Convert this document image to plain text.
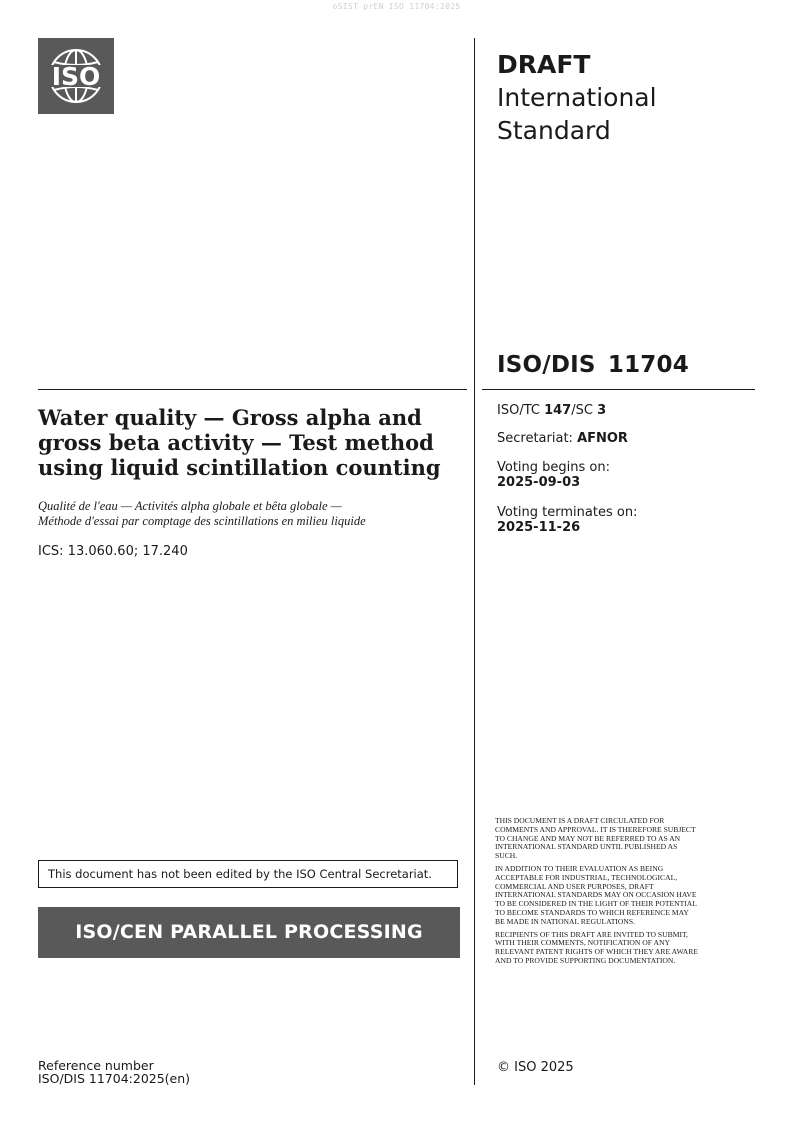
oSIST prEN ISO 11704:2025
ISO	DRAFT
International
Standard
ISO/DIS 11704
ISO/TC 147/SC 3
Secretariat: AFNOR
Voting begins on:
2025-09-03
Voting terminates on:
2025-11-26
Water quality — Gross alpha and gross beta activity — Test method using liquid scintillation counting
Qualité de l'eau — Activités alpha globale et bêta globale —
Méthode d'essai par comptage des scintillations en milieu liquide
ICS: 13.060.60; 17.240
This document has not been edited by the ISO Central Secretariat.
ISO/CEN PARALLEL PROCESSING
Reference number
ISO/DIS 11704:2025(en)

THIS DOCUMENT IS A DRAFT CIRCULATED FOR COMMENTS AND APPROVAL. IT IS THEREFORE SUBJECT TO CHANGE AND MAY NOT BE REFERRED TO AS AN INTERNATIONAL STANDARD UNTIL PUBLISHED AS SUCH.

IN ADDITION TO THEIR EVALUATION AS BEING ACCEPTABLE FOR INDUSTRIAL, TECHNOLOGICAL, COMMERCIAL AND USER PURPOSES, DRAFT INTERNATIONAL STANDARDS MAY ON OCCASION HAVE TO BE CONSIDERED IN THE LIGHT OF THEIR POTENTIAL TO BECOME STANDARDS TO WHICH REFERENCE MAY BE MADE IN NATIONAL REGULATIONS.

RECIPIENTS OF THIS DRAFT ARE INVITED TO SUBMIT, WITH THEIR COMMENTS, NOTIFICATION OF ANY RELEVANT PATENT RIGHTS OF WHICH THEY ARE AWARE AND TO PROVIDE SUPPORTING DOCUMENTATION.

© ISO 2025
